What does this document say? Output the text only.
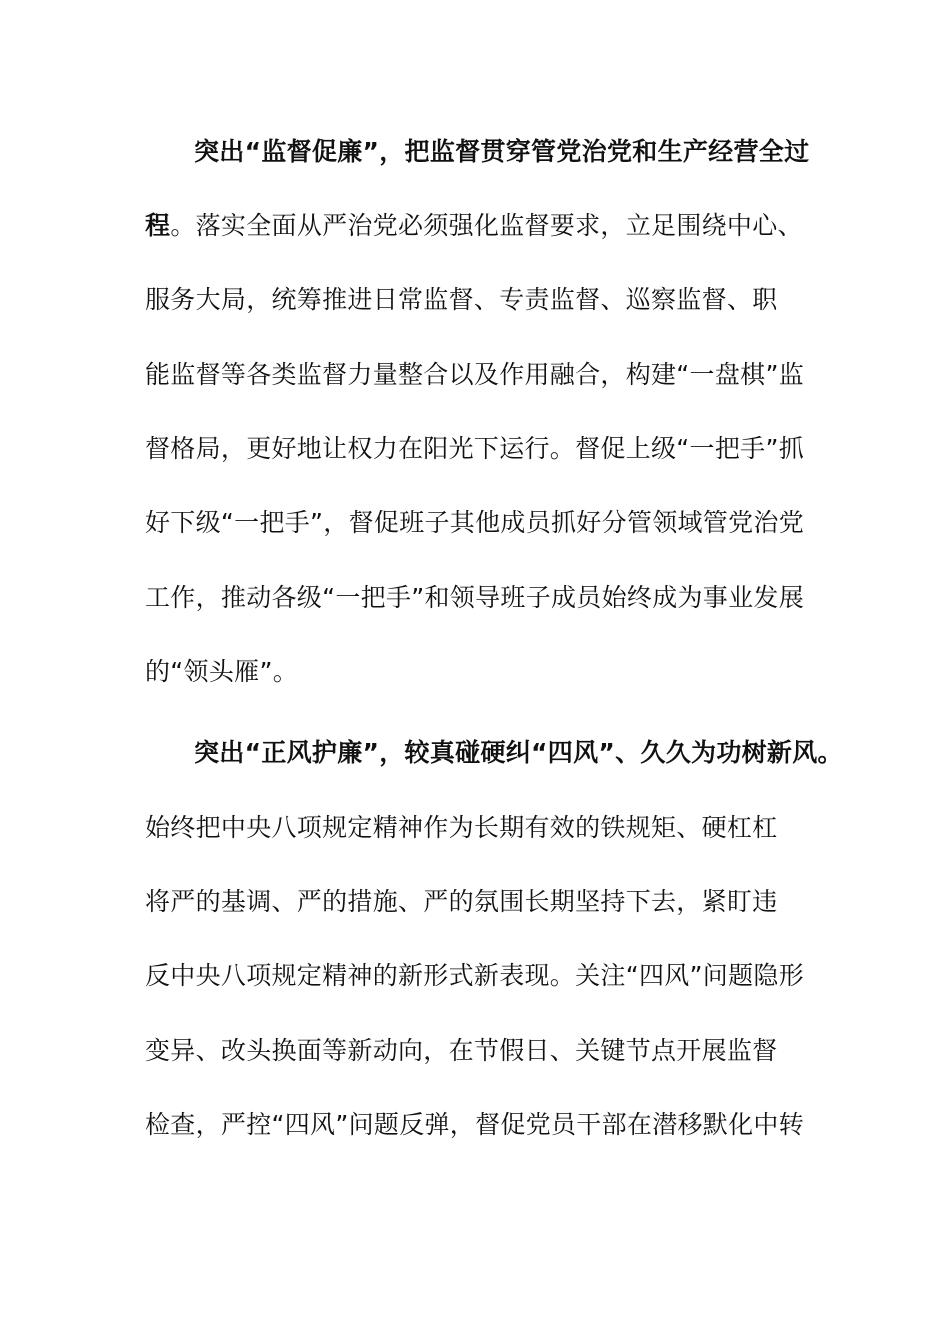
突出“监督促廉”，把监督贯穿管党治党和生产经营全过
程。落实全面从严治党必须强化监督要求，立足围绕中心、
服务大局，统筹推进日常监督、专责监督、巡察监督、职
能监督等各类监督力量整合以及作用融合，构建“一盘棋”监
督格局，更好地让权力在阳光下运行。督促上级“一把手”抓
好下级“一把手”，督促班子其他成员抓好分管领域管党治党
工作，推动各级“一把手”和领导班子成员始终成为事业发展
的“领头雁”。
突出“正风护廉”，较真碰硬纠“四风”、久久为功树新风。
始终把中央八项规定精神作为长期有效的铁规矩、硬杠杠
将严的基调、严的措施、严的氛围长期坚持下去，紧盯违
反中央八项规定精神的新形式新表现。关注“四风”问题隐形
变异、改头换面等新动向，在节假日、关键节点开展监督
检查，严控“四风”问题反弹，督促党员干部在潜移默化中转
